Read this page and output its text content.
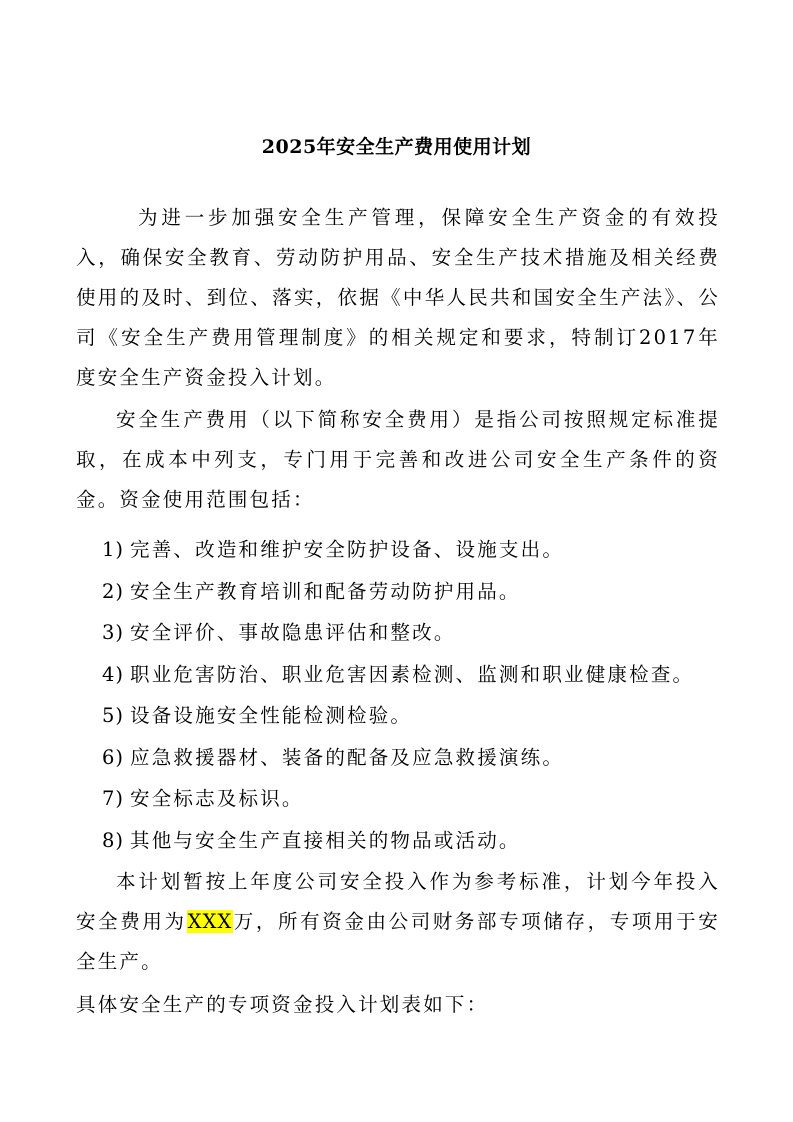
2025年安全生产费用使用计划

为进一步加强安全生产管理，保障安全生产资金的有效投入，确保安全教育、劳动防护用品、安全生产技术措施及相关经费使用的及时、到位、落实，依据《中华人民共和国安全生产法》、公司《安全生产费用管理制度》的相关规定和要求，特制订2017年度安全生产资金投入计划。

安全生产费用（以下简称安全费用）是指公司按照规定标准提取，在成本中列支，专门用于完善和改进公司安全生产条件的资金。资金使用范围包括：

1) 完善、改造和维护安全防护设备、设施支出。
2) 安全生产教育培训和配备劳动防护用品。
3) 安全评价、事故隐患评估和整改。
4) 职业危害防治、职业危害因素检测、监测和职业健康检查。
5) 设备设施安全性能检测检验。
6) 应急救援器材、装备的配备及应急救援演练。
7) 安全标志及标识。
8) 其他与安全生产直接相关的物品或活动。

本计划暂按上年度公司安全投入作为参考标准，计划今年投入安全费用为XXX万，所有资金由公司财务部专项储存，专项用于安全生产。

具体安全生产的专项资金投入计划表如下：
